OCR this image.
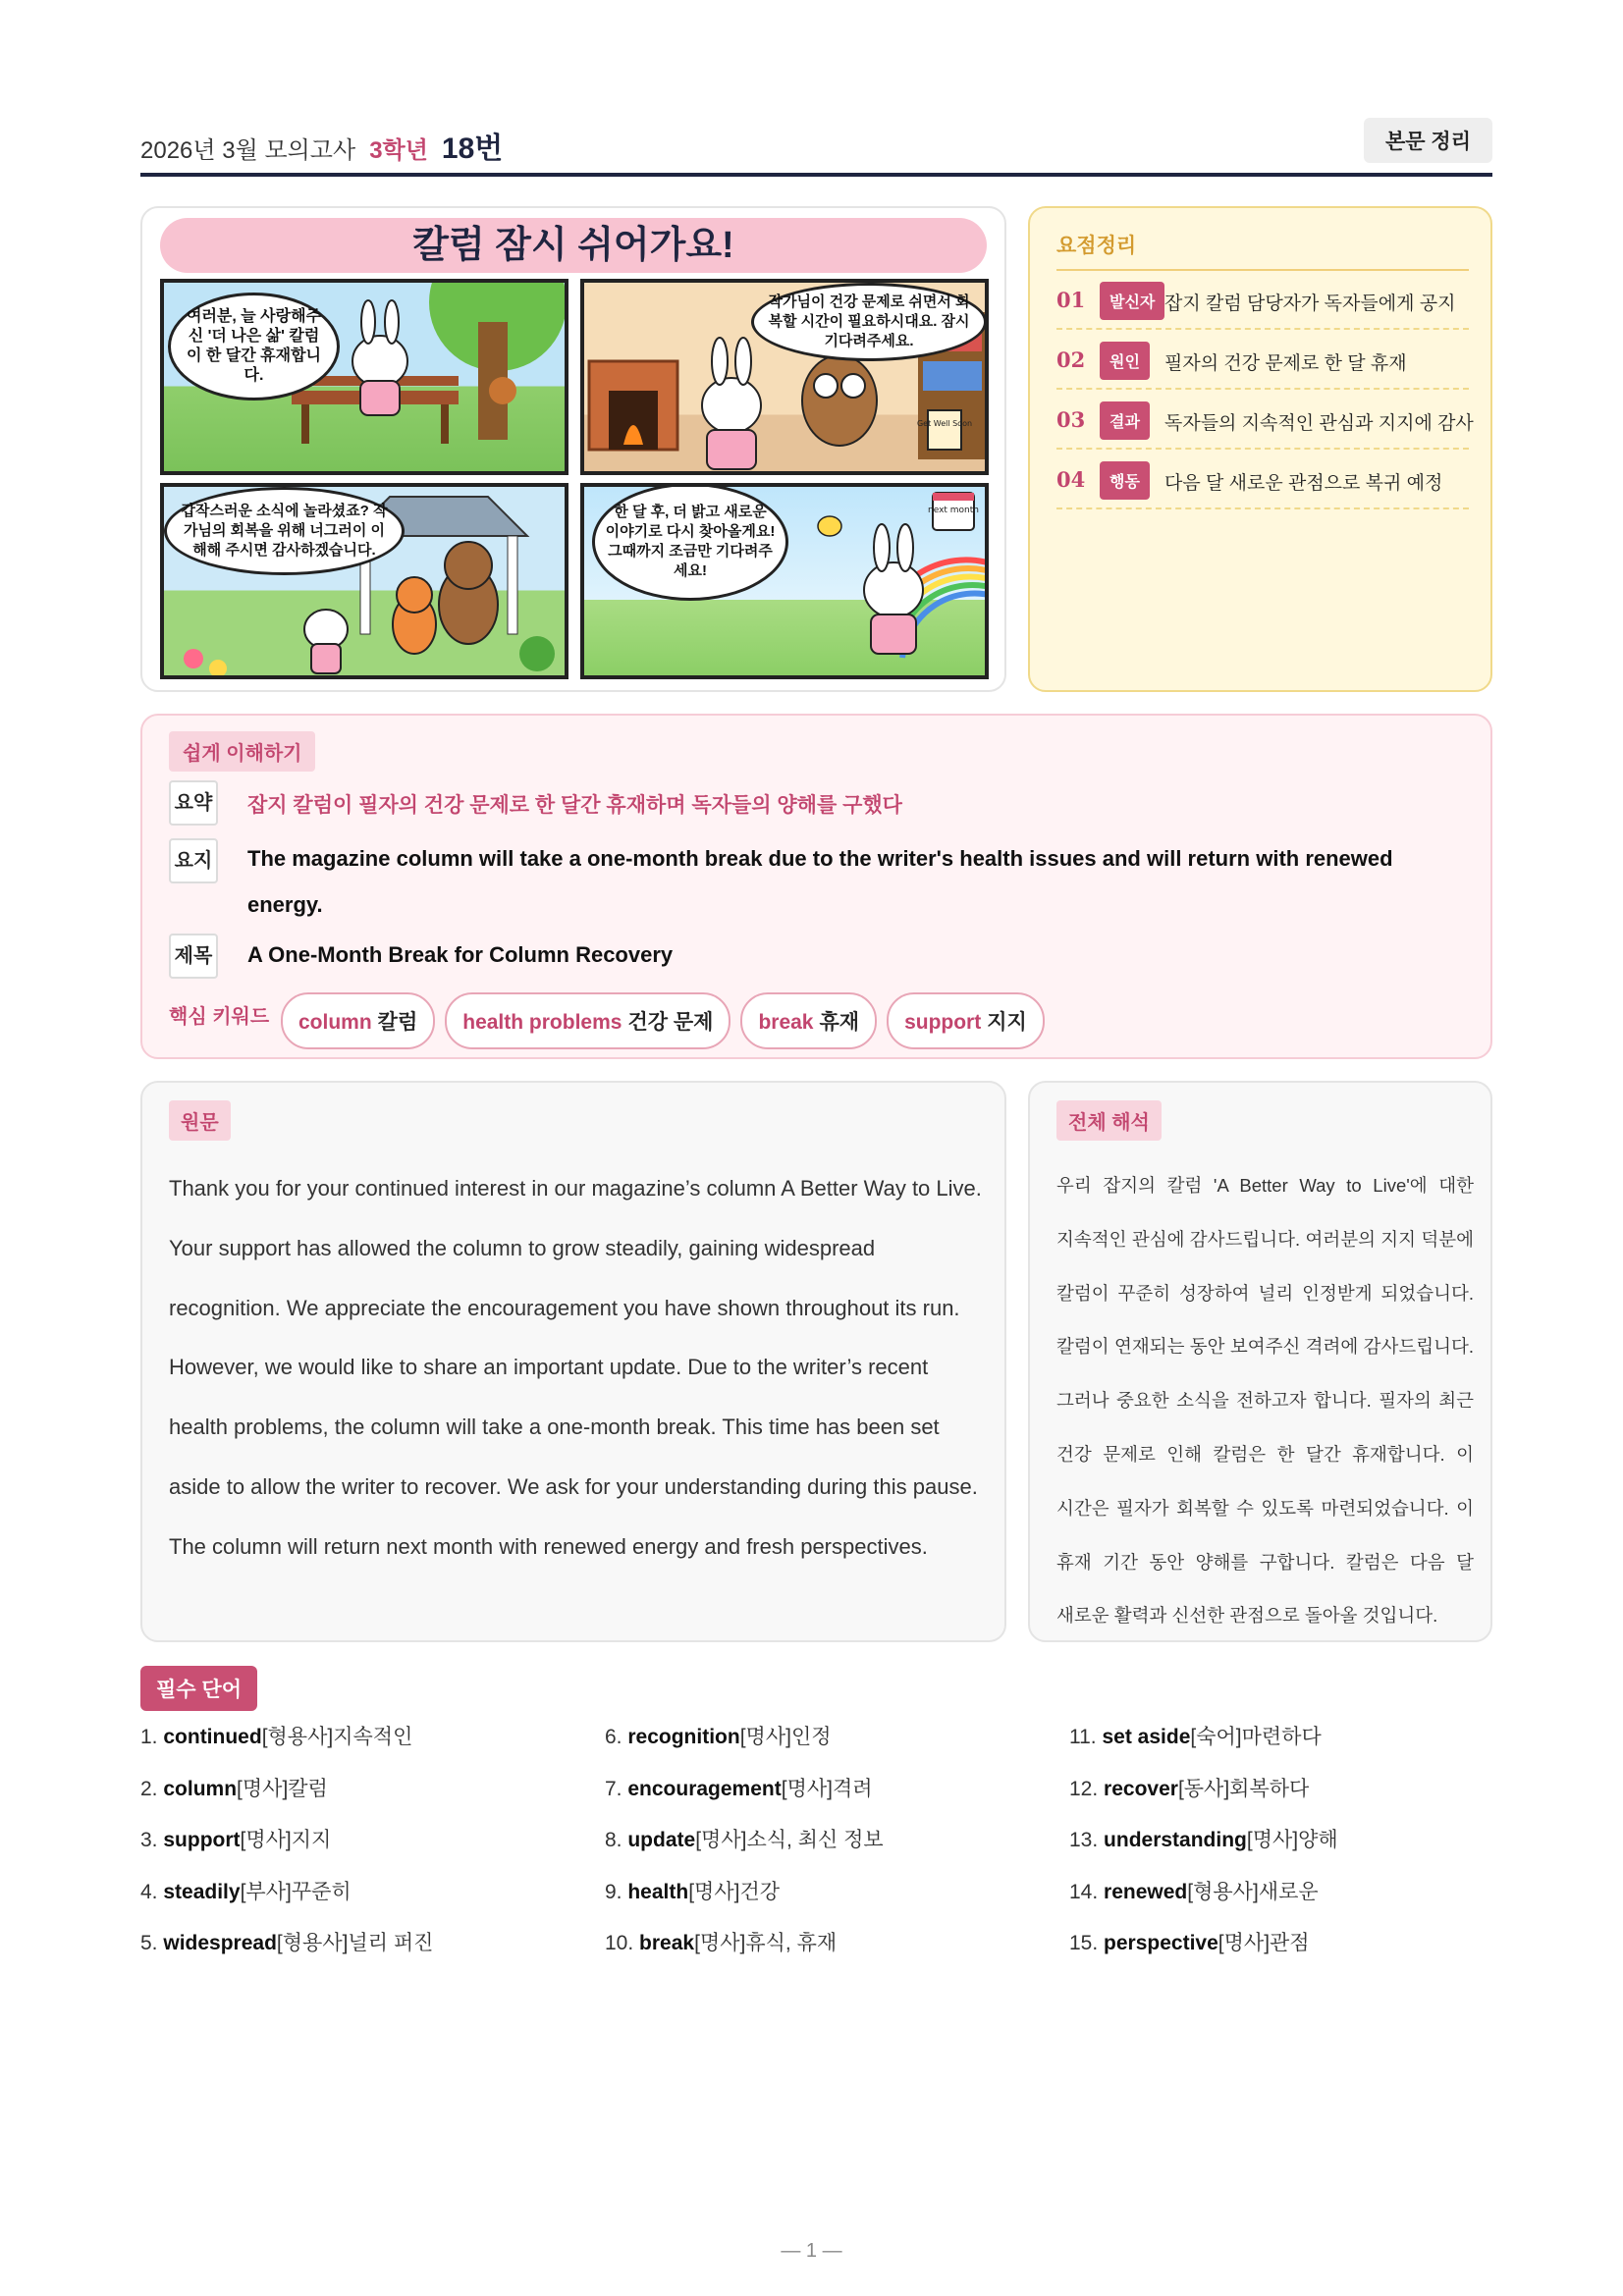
2026년 3월 모의고사 3학년 18번	본문 정리
칼럼 잠시 쉬어가요!
여러분, 늘 사랑해주신 '더 나은 삶' 칼럼이 한 달간 휴재합니다.
Get Well Soon
작가님이 건강 문제로 쉬면서 회복할 시간이 필요하시대요. 잠시 기다려주세요.
갑작스러운 소식에 놀라셨죠? 작가님의 회복을 위해 너그러이 이해해 주시면 감사하겠습니다.
next month
한 달 후, 더 밝고 새로운 이야기로 다시 찾아올게요! 그때까지 조금만 기다려주세요!
요점정리
01	발신자 잡지 칼럼 담당자가 독자들에게 공지
02	원인	필자의 건강 문제로 한 달 휴재
03	결과	독자들의 지속적인 관심과 지지에 감사
04	행동	다음 달 새로운 관점으로 복귀 예정
쉽게 이해하기
요약 잡지 칼럼이 필자의 건강 문제로 한 달간 휴재하며 독자들의 양해를 구했다
요지 The magazine column will take a one-month break due to the writer's health issues and will return with renewed
energy.
제목 A One-Month Break for Column Recovery
핵심 키워드	column 칼럼	health problems 건강 문제	break 휴재	support 지지
원문
Thank you for your continued interest in our magazine’s column A Better Way to Live. Your support has allowed the column to grow steadily, gaining widespread recognition. We appreciate the encouragement you have shown throughout its run. However, we would like to share an important update. Due to the writer’s recent health problems, the column will take a one-month break. This time has been set aside to allow the writer to recover. We ask for your understanding during this pause. The column will return next month with renewed energy and fresh perspectives.
전체 해석
우리 잡지의 칼럼 'A Better Way to Live'에 대한 지속적인 관심에 감사드립니다. 여러분의 지지 덕분에 칼럼이 꾸준히 성장하여 널리 인정받게 되었습니다. 칼럼이 연재되는 동안 보여주신 격려에 감사드립니다. 그러나 중요한 소식을 전하고자 합니다. 필자의 최근 건강 문제로 인해 칼럼은 한 달간 휴재합니다. 이 시간은 필자가 회복할 수 있도록 마련되었습니다. 이 휴재 기간 동안 양해를 구합니다. 칼럼은 다음 달 새로운 활력과 신선한 관점으로 돌아올 것입니다.
필수 단어
1. continued[형용사]지속적인
2. column[명사]칼럼
3. support[명사]지지
4. steadily[부사]꾸준히
5. widespread[형용사]널리 퍼진
6. recognition[명사]인정
7. encouragement[명사]격려
8. update[명사]소식, 최신 정보
9. health[명사]건강
10. break[명사]휴식, 휴재
11. set aside[숙어]마련하다
12. recover[동사]회복하다
13. understanding[명사]양해
14. renewed[형용사]새로운
15. perspective[명사]관점
— 1 —
